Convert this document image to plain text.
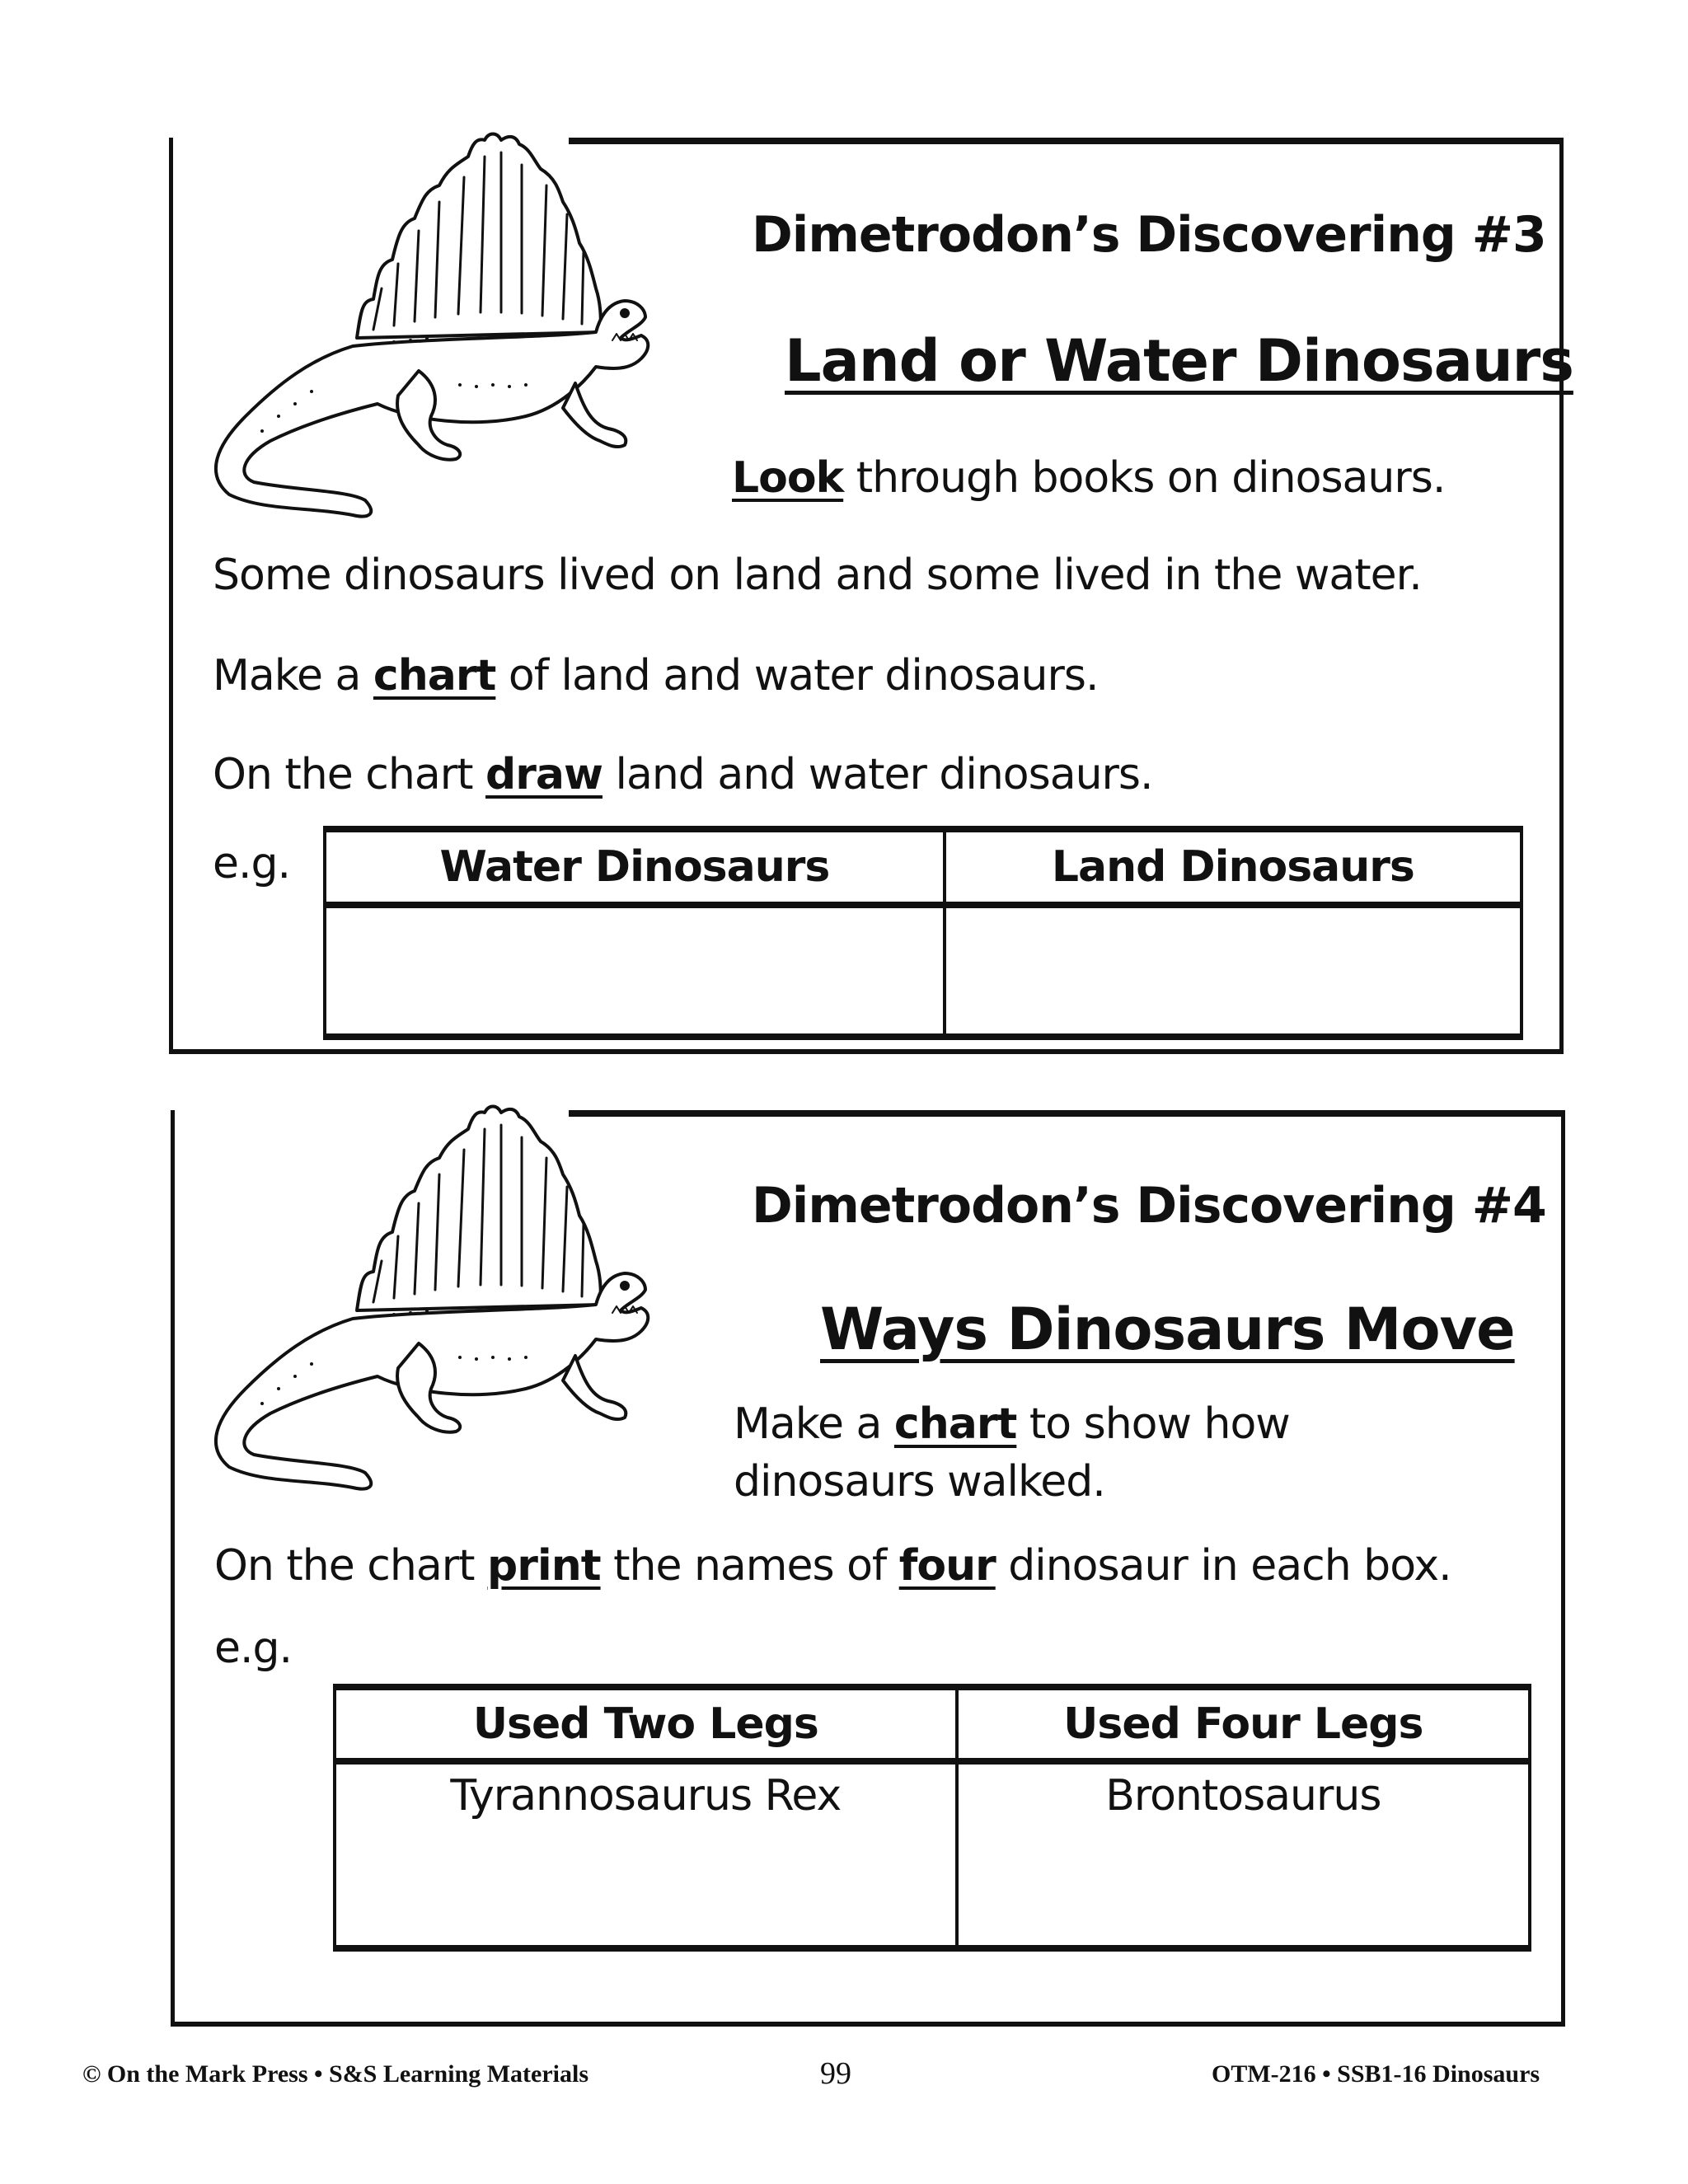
Dimetrodon’s Discovering #3
Land or Water Dinosaurs
Look through books on dinosaurs.
Some dinosaurs lived on land and some lived in the water.
Make a chart of land and water dinosaurs.
On the chart draw land and water dinosaurs.
e.g.	Water Dinosaurs	Land Dinosaurs

Dimetrodon’s Discovering #4
Ways Dinosaurs Move
Make a chart to show how
dinosaurs walked.
On the chart print the names of four dinosaur in each box.
e.g.
Used Two Legs	Used Four Legs
Tyrannosaurus Rex	Brontosaurus
© On the Mark Press • S&S Learning Materials	99	OTM-216 • SSB1-16 Dinosaurs
